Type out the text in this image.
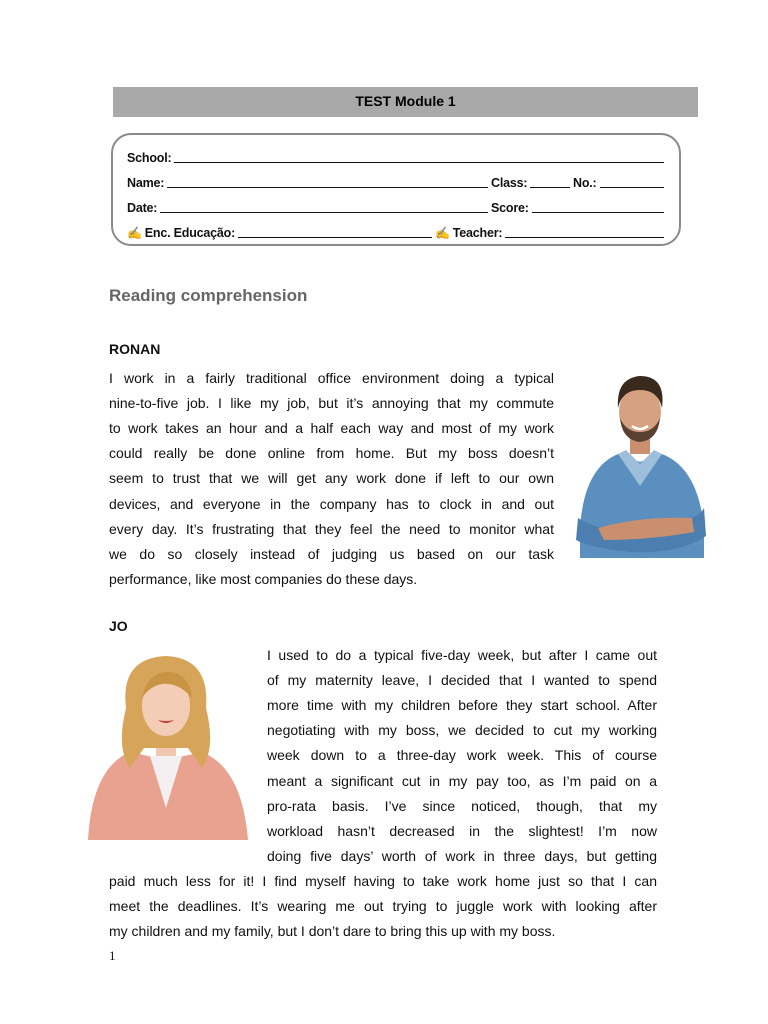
TEST Module 1
School:
Name:	Class:	No.:
Date:	Score:
✍ Enc. Educação:	✍ Teacher:
Reading comprehension
RONAN
I work in a fairly traditional office environment doing a typical
nine-to-five job. I like my job, but it’s annoying that my commute
to work takes an hour and a half each way and most of my work
could really be done online from home. But my boss doesn’t
seem to trust that we will get any work done if left to our own
devices, and everyone in the company has to clock in and out
every day. It’s frustrating that they feel the need to monitor what
we do so closely instead of judging us based on our task
performance, like most companies do these days.
JO
I used to do a typical five-day week, but after I came out
of my maternity leave, I decided that I wanted to spend
more time with my children before they start school. After
negotiating with my boss, we decided to cut my working
week down to a three-day work week. This of course
meant a significant cut in my pay too, as I’m paid on a
pro-rata basis. I’ve since noticed, though, that my
workload hasn’t decreased in the slightest! I’m now
doing five days’ worth of work in three days, but getting
paid much less for it! I find myself having to take work home just so that I can
meet the deadlines. It’s wearing me out trying to juggle work with looking after
my children and my family, but I don’t dare to bring this up with my boss.
1
